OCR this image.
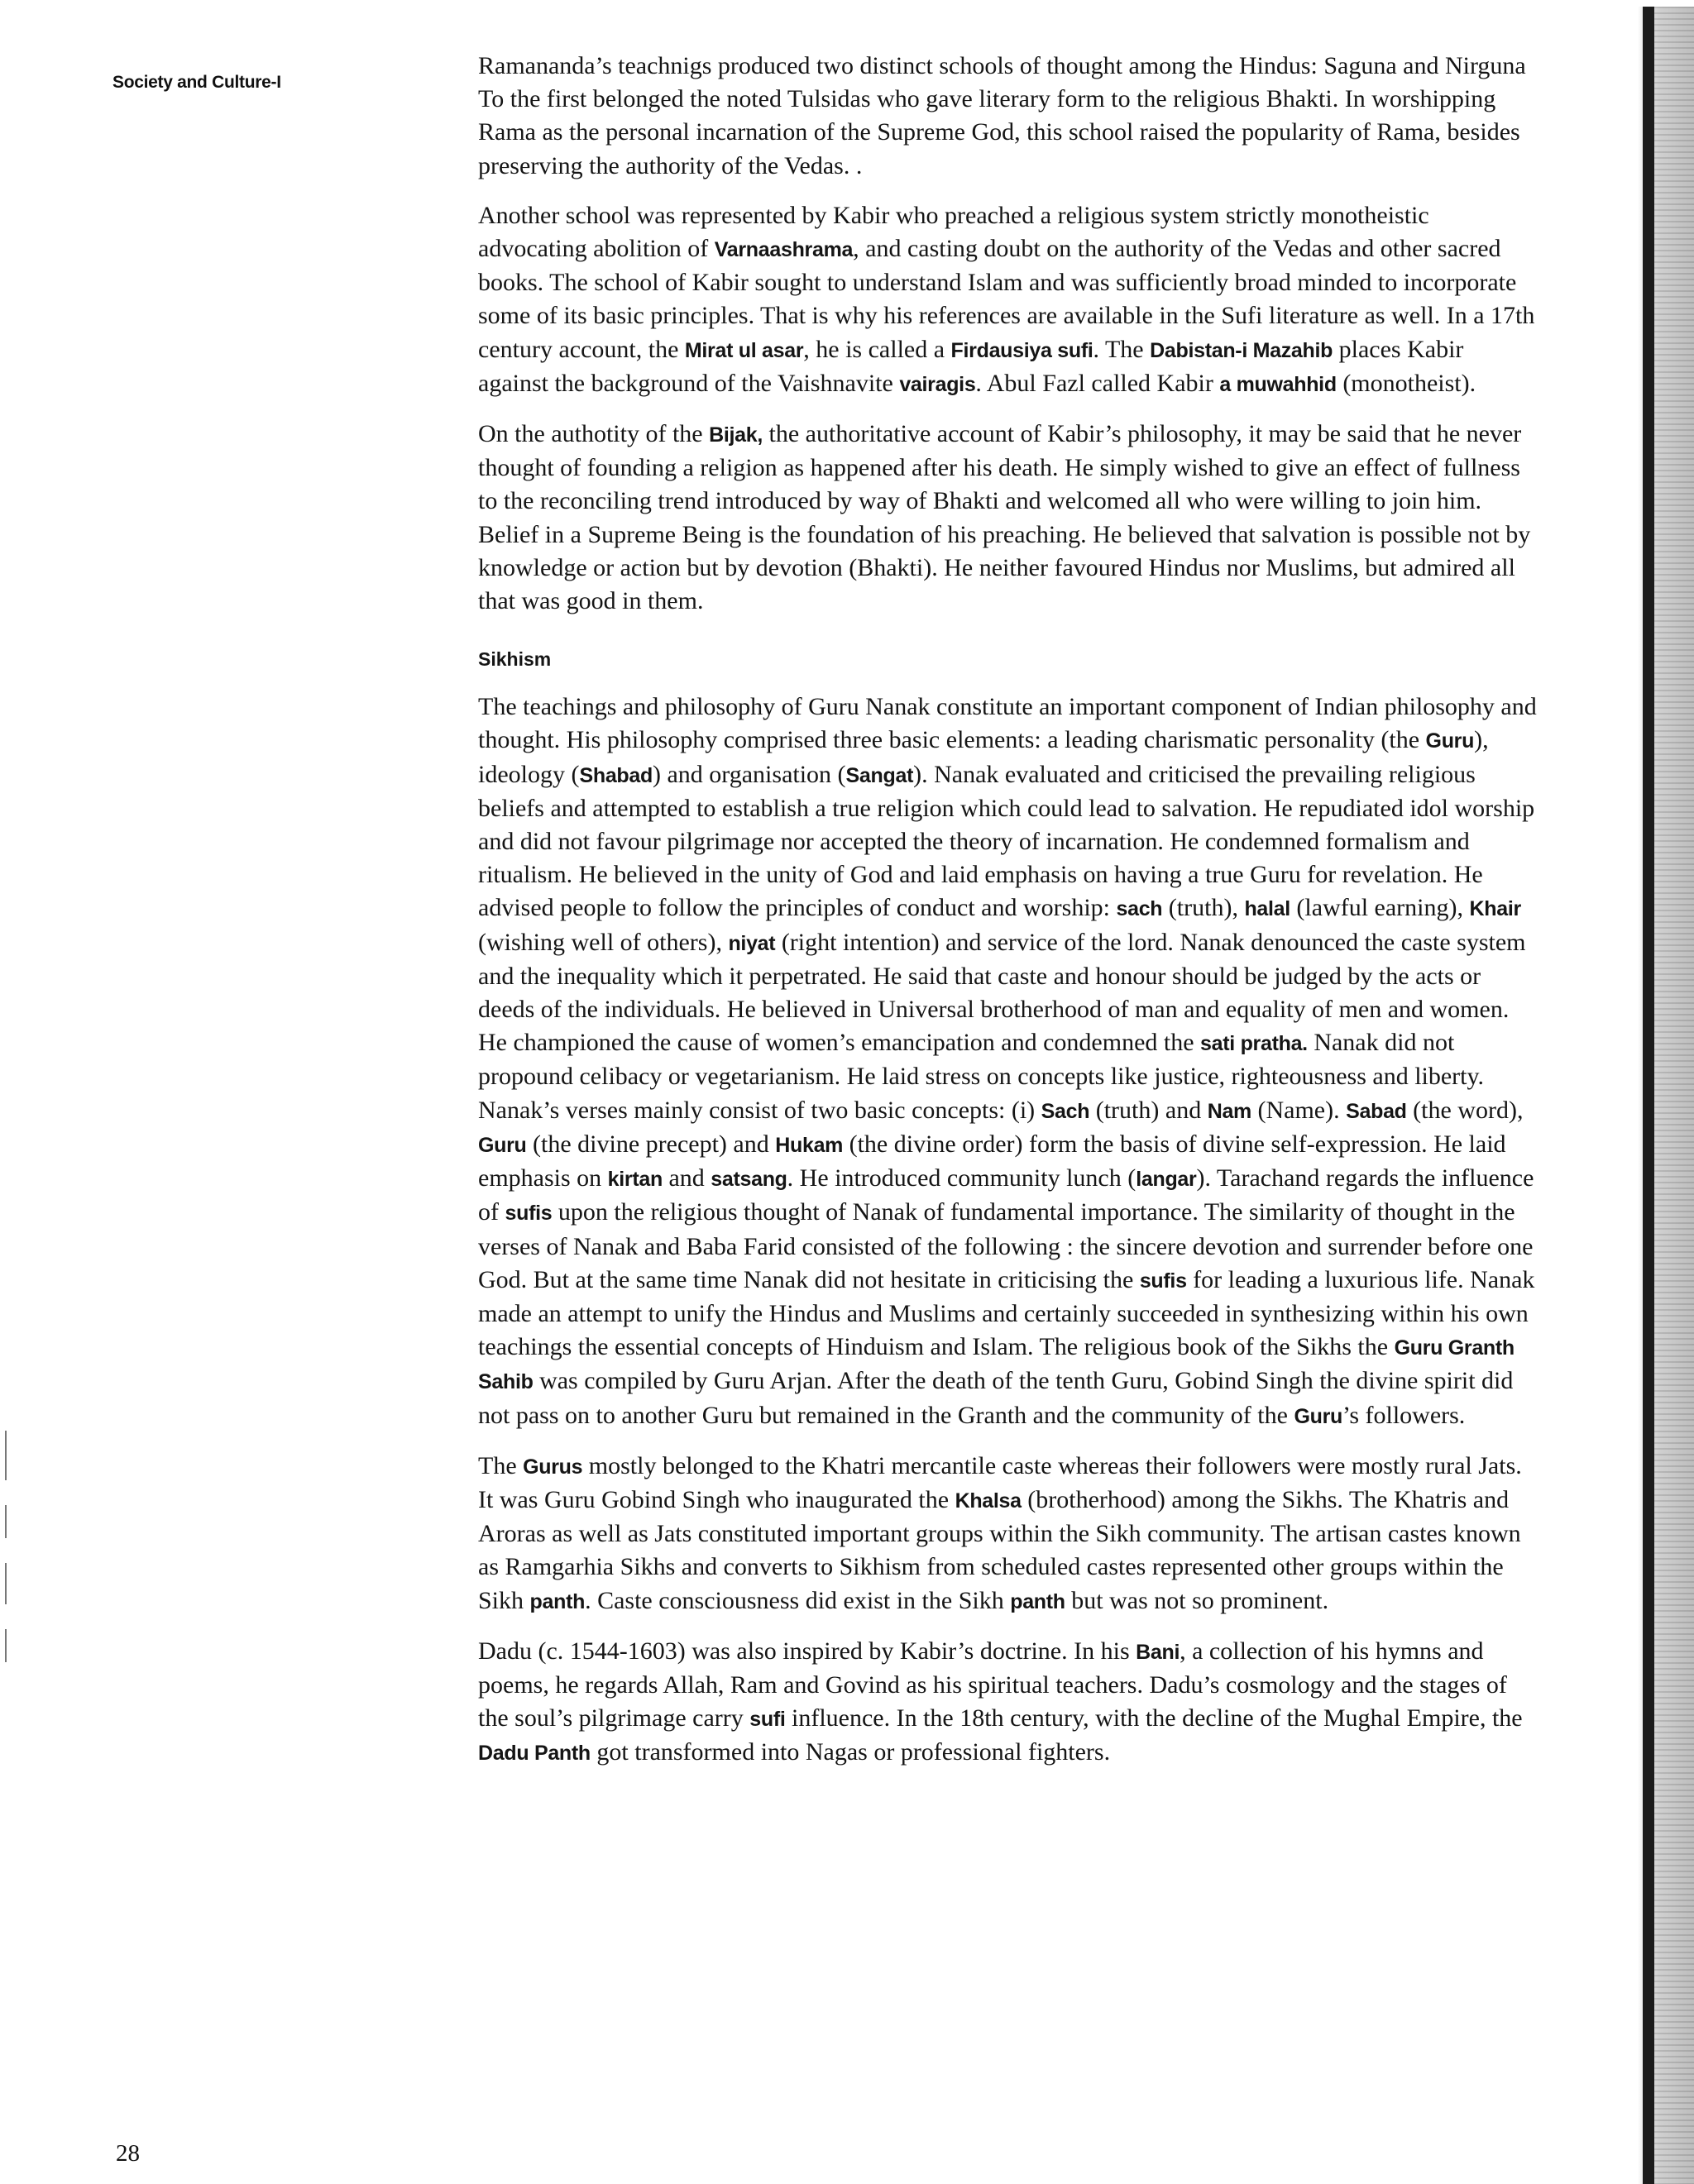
Society and Culture-I

Ramananda’s teachnigs produced two distinct schools of thought among the Hindus: Saguna and Nirguna To the first belonged the noted Tulsidas who gave literary form to the religious Bhakti. In worshipping Rama as the personal incarnation of the Supreme God, this school raised the popularity of Rama, besides preserving the authority of the Vedas. .

Another school was represented by Kabir who preached a religious system strictly monotheistic advocating abolition of Varnaashrama, and casting doubt on the authority of the Vedas and other sacred books. The school of Kabir sought to understand Islam and was sufficiently broad minded to incorporate some of its basic principles. That is why his references are available in the Sufi literature as well. In a 17th century account, the Mirat ul asar, he is called a Firdausiya sufi. The Dabistan-i Mazahib places Kabir against the background of the Vaishnavite vairagis. Abul Fazl called Kabir a muwahhid (monotheist).

On the authotity of the Bijak, the authoritative account of Kabir’s philosophy, it may be said that he never thought of founding a religion as happened after his death. He simply wished to give an effect of fullness to the reconciling trend introduced by way of Bhakti and welcomed all who were willing to join him. Belief in a Supreme Being is the foundation of his preaching. He believed that salvation is possible not by knowledge or action but by devotion (Bhakti). He neither favoured Hindus nor Muslims, but admired all that was good in them.

Sikhism

The teachings and philosophy of Guru Nanak constitute an important component of Indian philosophy and thought. His philosophy comprised three basic elements: a leading charismatic personality (the Guru), ideology (Shabad) and organisation (Sangat). Nanak evaluated and criticised the prevailing religious beliefs and attempted to establish a true religion which could lead to salvation. He repudiated idol worship and did not favour pilgrimage nor accepted the theory of incarnation. He condemned formalism and ritualism. He believed in the unity of God and laid emphasis on having a true Guru for revelation. He advised people to follow the principles of conduct and worship: sach (truth), halal (lawful earning), Khair (wishing well of others), niyat (right intention) and service of the lord. Nanak denounced the caste system and the inequality which it perpetrated. He said that caste and honour should be judged by the acts or deeds of the individuals. He believed in Universal brotherhood of man and equality of men and women. He championed the cause of women’s emancipation and condemned the sati pratha. Nanak did not propound celibacy or vegetarianism. He laid stress on concepts like justice, righteousness and liberty. Nanak’s verses mainly consist of two basic concepts: (i) Sach (truth) and Nam (Name). Sabad (the word), Guru (the divine precept) and Hukam (the divine order) form the basis of divine self-expression. He laid emphasis on kirtan and satsang. He introduced community lunch (langar). Tarachand regards the influence of sufis upon the religious thought of Nanak of fundamental importance. The similarity of thought in the verses of Nanak and Baba Farid consisted of the following : the sincere devotion and surrender before one God. But at the same time Nanak did not hesitate in criticising the sufis for leading a luxurious life. Nanak made an attempt to unify the Hindus and Muslims and certainly succeeded in synthesizing within his own teachings the essential concepts of Hinduism and Islam. The religious book of the Sikhs the Guru Granth Sahib was compiled by Guru Arjan. After the death of the tenth Guru, Gobind Singh the divine spirit did not pass on to another Guru but remained in the Granth and the community of the Guru’s followers.

The Gurus mostly belonged to the Khatri mercantile caste whereas their followers were mostly rural Jats. It was Guru Gobind Singh who inaugurated the Khalsa (brotherhood) among the Sikhs. The Khatris and Aroras as well as Jats constituted important groups within the Sikh community. The artisan castes known as Ramgarhia Sikhs and converts to Sikhism from scheduled castes represented other groups within the Sikh panth. Caste consciousness did exist in the Sikh panth but was not so prominent.

Dadu (c. 1544-1603) was also inspired by Kabir’s doctrine. In his Bani, a collection of his hymns and poems, he regards Allah, Ram and Govind as his spiritual teachers. Dadu’s cosmology and the stages of the soul’s pilgrimage carry sufi influence. In the 18th century, with the decline of the Mughal Empire, the Dadu Panth got transformed into Nagas or professional fighters.

28
